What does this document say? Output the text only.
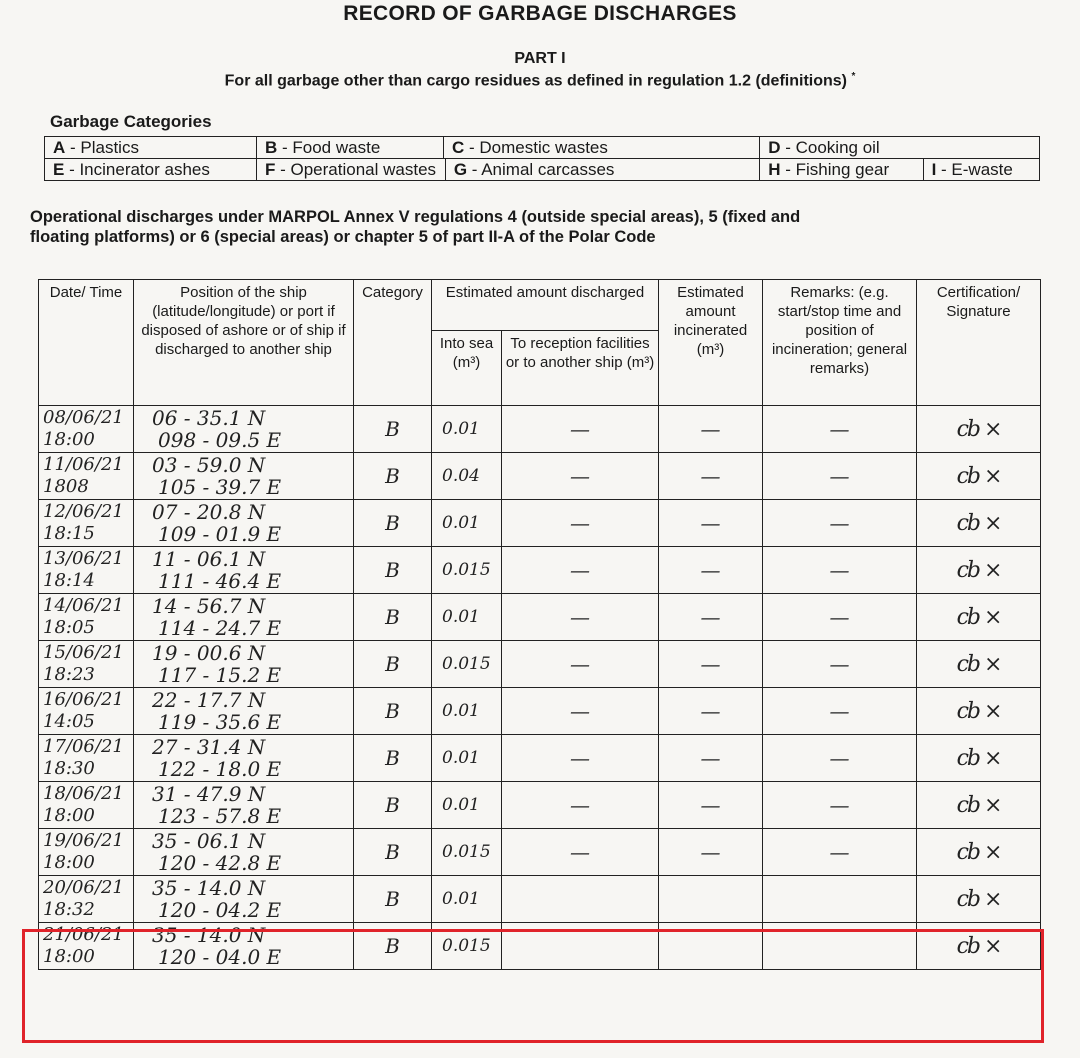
RECORD OF GARBAGE DISCHARGES
PART I
For all garbage other than cargo residues as defined in regulation 1.2 (definitions) *
Garbage Categories
A - Plastics	B - Food waste	C - Domestic wastes		D - Cooking oil	
E - Incinerator ashes	F - Operational wastes		G - Animal carcasses	H - Fishing gear	I - E-waste
Operational discharges under MARPOL Annex V regulations 4 (outside special areas), 5 (fixed and
floating platforms) or 6 (special areas) or chapter 5 of part II-A of the Polar Code
Date/ Time	Position of the ship (latitude/longitude) or port if disposed of ashore or of ship if discharged to another ship	Category	Estimated amount discharged		Estimated amount incinerated (m³)	Remarks: (e.g. start/stop time and position of incineration; general remarks)	Certification/ Signature
			Into sea (m³)	To reception facilities or to another ship (m³)			

08/06/21
18:00	06 - 35.1 N
098 - 09.5 E	B	0.01	—	—	—	cb ⨯

11/06/21
1808	03 - 59.0 N
105 - 39.7 E	B	0.04	—	—	—	cb ⨯

12/06/21
18:15	07 - 20.8 N
109 - 01.9 E	B	0.01	—	—	—	cb ⨯

13/06/21
18:14	11 - 06.1 N
111 - 46.4 E	B	0.015	—	—	—	cb ⨯

14/06/21
18:05	14 - 56.7 N
114 - 24.7 E	B	0.01	—	—	—	cb ⨯

15/06/21
18:23	19 - 00.6 N
117 - 15.2 E	B	0.015	—	—	—	cb ⨯

16/06/21
14:05	22 - 17.7 N
119 - 35.6 E	B	0.01	—	—	—	cb ⨯

17/06/21
18:30	27 - 31.4 N
122 - 18.0 E	B	0.01	—	—	—	cb ⨯

18/06/21
18:00	31 - 47.9 N
123 - 57.8 E	B	0.01	—	—	—	cb ⨯

19/06/21
18:00	35 - 06.1 N
120 - 42.8 E	B	0.015	—	—	—	cb ⨯

20/06/21
18:32	35 - 14.0 N
120 - 04.2 E	B	0.01				cb ⨯

21/06/21
18:00	35 - 14.0 N
120 - 04.0 E	B	0.015				cb ⨯
